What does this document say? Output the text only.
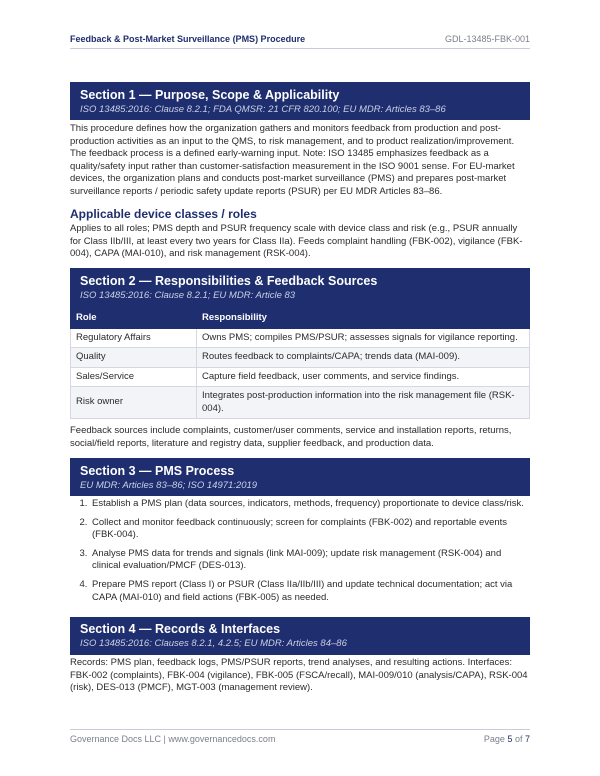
Feedback & Post-Market Surveillance (PMS) Procedure	GDL-13485-FBK-001
Section 1 — Purpose, Scope & Applicability
ISO 13485:2016: Clause 8.2.1; FDA QMSR: 21 CFR 820.100; EU MDR: Articles 83–86

This procedure defines how the organization gathers and monitors feedback from production and post-production activities as an input to the QMS, to risk management, and to product realization/improvement. The feedback process is a defined early-warning input. Note: ISO 13485 emphasizes feedback as a quality/safety input rather than customer-satisfaction measurement in the ISO 9001 sense. For EU-market devices, the organization plans and conducts post-market surveillance (PMS) and prepares post-market surveillance reports / periodic safety update reports (PSUR) per EU MDR Articles 83–86.

Applicable device classes / roles

Applies to all roles; PMS depth and PSUR frequency scale with device class and risk (e.g., PSUR annually for Class IIb/III, at least every two years for Class IIa). Feeds complaint handling (FBK-002), vigilance (FBK-004), CAPA (MAI-010), and risk management (RSK-004).

Section 2 — Responsibilities & Feedback Sources
ISO 13485:2016: Clause 8.2.1; EU MDR: Article 83
Role	Responsibility
Regulatory Affairs	Owns PMS; compiles PMS/PSUR; assesses signals for vigilance reporting.
Quality	Routes feedback to complaints/CAPA; trends data (MAI-009).
Sales/Service	Capture field feedback, user comments, and service findings.
Risk owner	Integrates post-production information into the risk management file (RSK-004).

Feedback sources include complaints, customer/user comments, service and installation reports, returns, social/field reports, literature and registry data, supplier feedback, and production data.

Section 3 — PMS Process
EU MDR: Articles 83–86; ISO 14971:2019
1. Establish a PMS plan (data sources, indicators, methods, frequency) proportionate to device class/risk.
2. Collect and monitor feedback continuously; screen for complaints (FBK-002) and reportable events (FBK-004).
3. Analyse PMS data for trends and signals (link MAI-009); update risk management (RSK-004) and clinical evaluation/PMCF (DES-013).
4. Prepare PMS report (Class I) or PSUR (Class IIa/IIb/III) and update technical documentation; act via CAPA (MAI-010) and field actions (FBK-005) as needed.
Section 4 — Records & Interfaces
ISO 13485:2016: Clauses 8.2.1, 4.2.5; EU MDR: Articles 84–86

Records: PMS plan, feedback logs, PMS/PSUR reports, trend analyses, and resulting actions. Interfaces: FBK-002 (complaints), FBK-004 (vigilance), FBK-005 (FSCA/recall), MAI-009/010 (analysis/CAPA), RSK-004 (risk), DES-013 (PMCF), MGT-003 (management review).

Governance Docs LLC | www.governancedocs.com	Page 5 of 7
